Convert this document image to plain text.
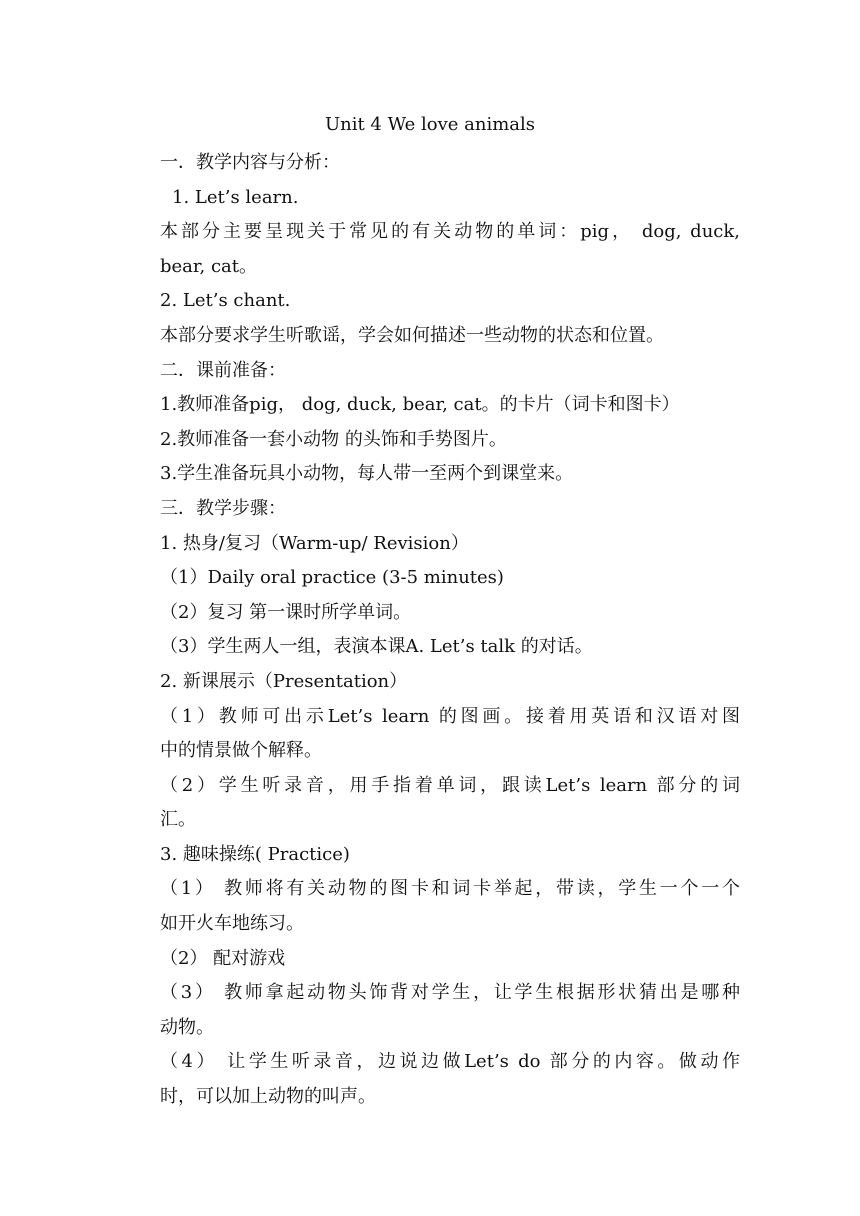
Unit 4 We love animals
一．教学内容与分析：
1. Let’s learn.
本部分主要呈现关于常见的有关动物的单词：pig， dog, duck,
bear, cat。
2. Let’s chant.
本部分要求学生听歌谣，学会如何描述一些动物的状态和位置。
二．课前准备：
1.教师准备pig， dog, duck, bear, cat。的卡片（词卡和图卡）
2.教师准备一套小动物 的头饰和手势图片。
3.学生准备玩具小动物，每人带一至两个到课堂来。
三．教学步骤：
1. 热身/复习（Warm-up/ Revision）
（1）Daily oral practice (3-5 minutes)
（2）复习 第一课时所学单词。
（3）学生两人一组，表演本课A. Let’s talk 的对话。
2. 新课展示（Presentation）
（1）教师可出示Let’s learn 的图画。接着用英语和汉语对图
中的情景做个解释。
（2）学生听录音，用手指着单词，跟读Let’s learn 部分的词
汇。
3. 趣味操练( Practice)
（1） 教师将有关动物的图卡和词卡举起，带读，学生一个一个
如开火车地练习。
（2） 配对游戏
（3） 教师拿起动物头饰背对学生，让学生根据形状猜出是哪种
动物。
（4） 让学生听录音，边说边做Let’s do 部分的内容。做动作
时，可以加上动物的叫声。
